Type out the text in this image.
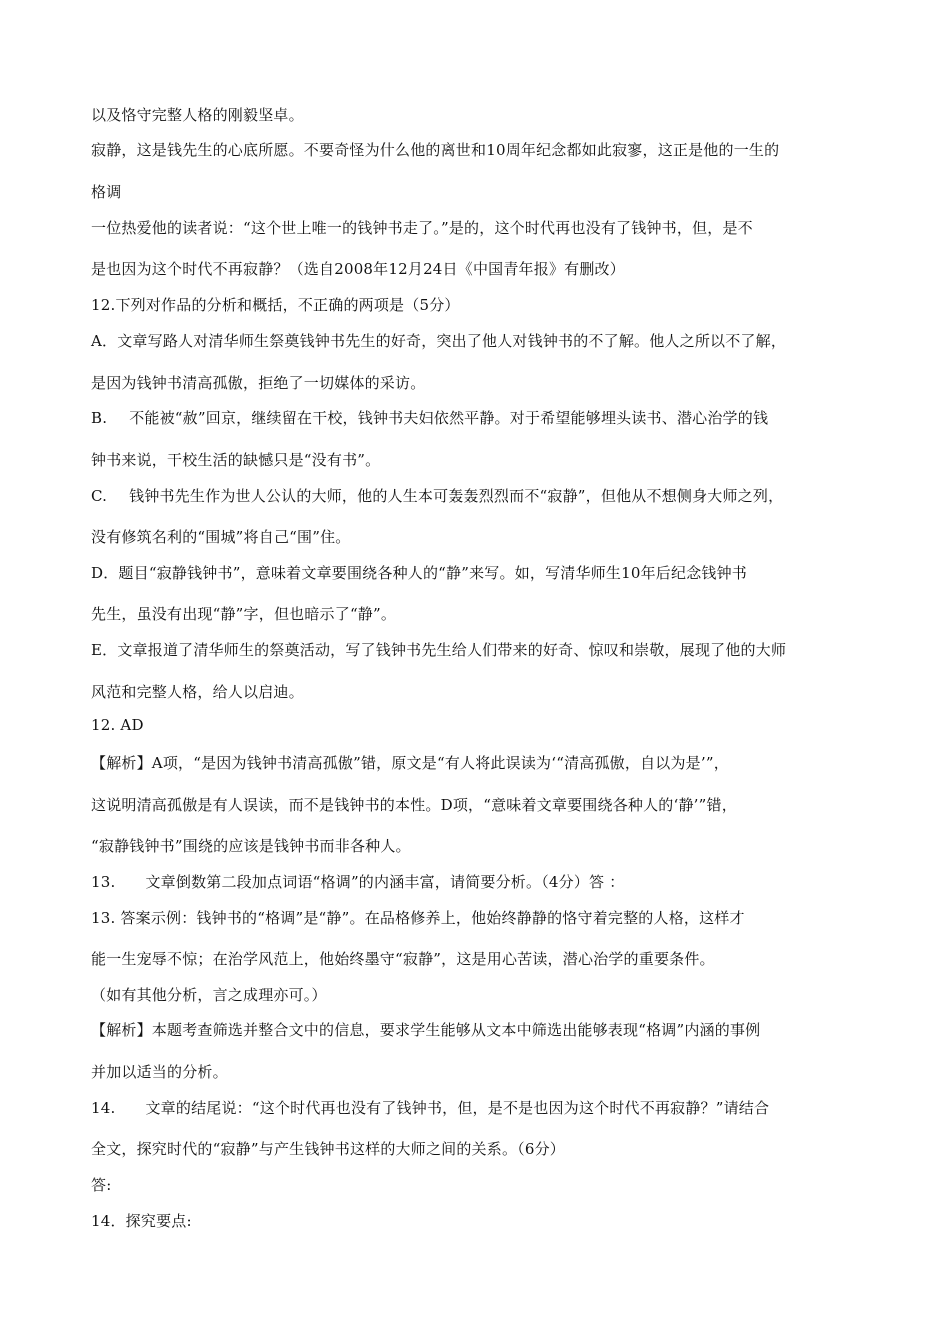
以及恪守完整人格的刚毅坚卓。
寂静，这是钱先生的心底所愿。不要奇怪为什么他的离世和10周年纪念都如此寂寥，这正是他的一生的
格调
一位热爱他的读者说：“这个世上唯一的钱钟书走了。”是的，这个时代再也没有了钱钟书，但，是不
是也因为这个时代不再寂静？（选自2008年12月24日《中国青年报》有删改）
12.下列对作品的分析和概括，不正确的两项是（5分）
A．文章写路人对清华师生祭奠钱钟书先生的好奇，突出了他人对钱钟书的不了解。他人之所以不了解，
是因为钱钟书清高孤傲，拒绝了一切媒体的采访。
B. 不能被“赦”回京，继续留在干校，钱钟书夫妇依然平静。对于希望能够埋头读书、潜心治学的钱
钟书来说，干校生活的缺憾只是“没有书”。
C. 钱钟书先生作为世人公认的大师，他的人生本可轰轰烈烈而不“寂静”，但他从不想侧身大师之列，
没有修筑名利的“围城”将自己“围”住。
D．题目“寂静钱钟书”，意味着文章要围绕各种人的“静”来写。如，写清华师生10年后纪念钱钟书
先生，虽没有出现“静”字，但也暗示了“静”。
E．文章报道了清华师生的祭奠活动，写了钱钟书先生给人们带来的好奇、惊叹和崇敬，展现了他的大师
风范和完整人格，给人以启迪。
12. AD
【解析】A项，“是因为钱钟书清高孤傲”错，原文是“有人将此误读为‘“清高孤傲，自以为是’”，
这说明清高孤傲是有人误读，而不是钱钟书的本性。D项，“意味着文章要围绕各种人的‘静’”错，
“寂静钱钟书”围绕的应该是钱钟书而非各种人。
13. 文章倒数第二段加点词语“格调”的内涵丰富，请简要分析。（4分）答 ：
13. 答案示例：钱钟书的“格调”是“静”。在品格修养上，他始终静静的恪守着完整的人格，这样才
能一生宠辱不惊；在治学风范上，他始终墨守“寂静”，这是用心苦读，潜心治学的重要条件。
（如有其他分析，言之成理亦可。）
【解析】本题考查筛选并整合文中的信息，要求学生能够从文本中筛选出能够表现“格调”内涵的事例
并加以适当的分析。
14. 文章的结尾说：“这个时代再也没有了钱钟书，但，是不是也因为这个时代不再寂静？”请结合
全文，探究时代的“寂静”与产生钱钟书这样的大师之间的关系。（6分）
答:
14．探究要点:
